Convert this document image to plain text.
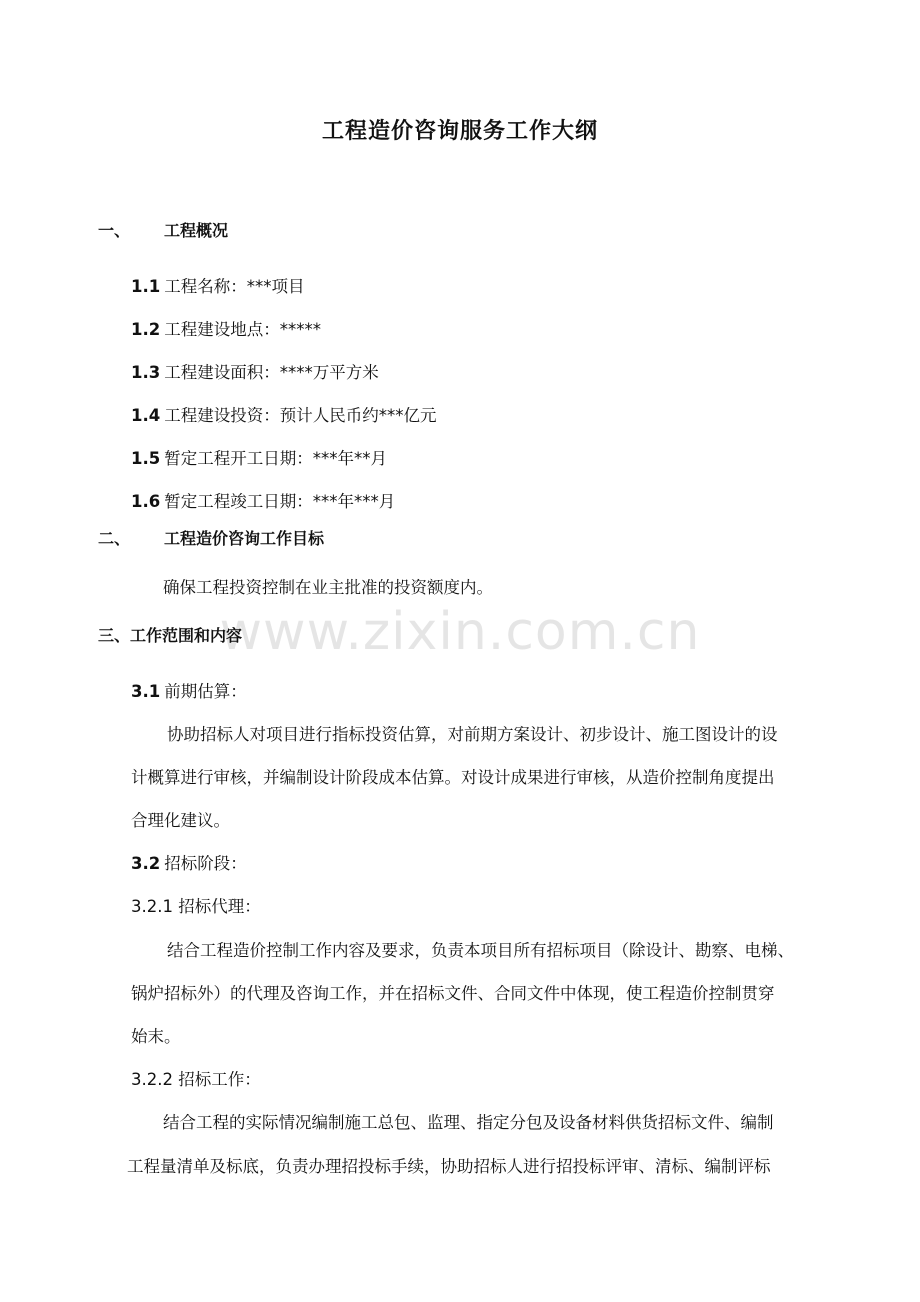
工程造价咨询服务工作大纲
一、 工程概况
1.1 工程名称：***项目
1.2 工程建设地点：*****
1.3 工程建设面积：****万平方米
1.4 工程建设投资：预计人民币约***亿元
1.5 暂定工程开工日期：***年**月
1.6 暂定工程竣工日期：***年***月
二、 工程造价咨询工作目标
确保工程投资控制在业主批准的投资额度内。
www.zixin.com.cn
三、工作范围和内容
3.1 前期估算：
协助招标人对项目进行指标投资估算，对前期方案设计、初步设计、施工图设计的设
计概算进行审核，并编制设计阶段成本估算。对设计成果进行审核，从造价控制角度提出
合理化建议。
3.2 招标阶段：
3.2.1 招标代理：
结合工程造价控制工作内容及要求，负责本项目所有招标项目（除设计、勘察、电梯、
锅炉招标外）的代理及咨询工作，并在招标文件、合同文件中体现，使工程造价控制贯穿
始末。
3.2.2 招标工作：
结合工程的实际情况编制施工总包、监理、指定分包及设备材料供货招标文件、编制
工程量清单及标底，负责办理招投标手续，协助招标人进行招投标评审、清标、编制评标
